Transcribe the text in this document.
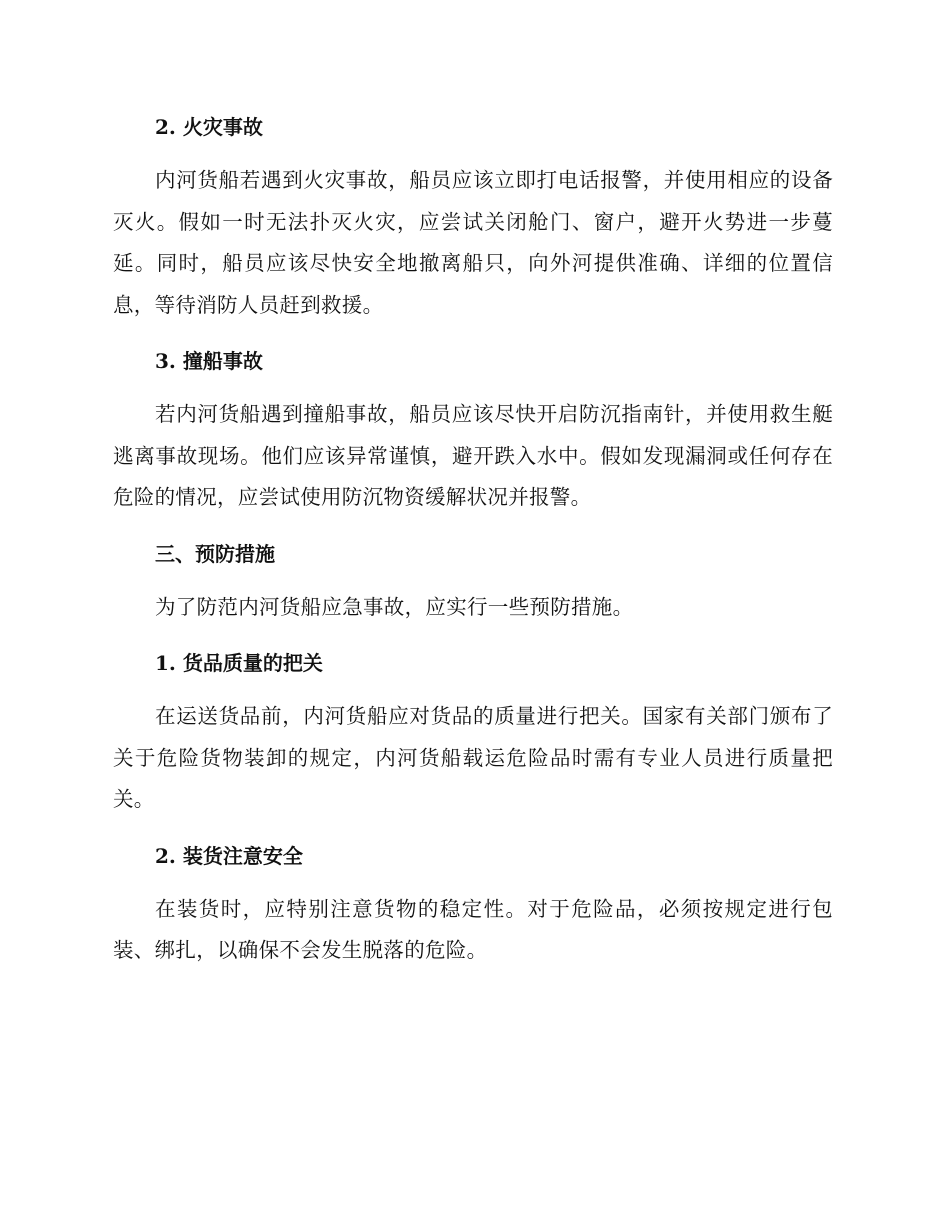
2. 火灾事故

内河货船若遇到火灾事故，船员应该立即打电话报警，并使用相应的设备灭火。假如一时无法扑灭火灾，应尝试关闭舱门、窗户，避开火势进一步蔓延。同时，船员应该尽快安全地撤离船只，向外河提供准确、详细的位置信息，等待消防人员赶到救援。

3. 撞船事故

若内河货船遇到撞船事故，船员应该尽快开启防沉指南针，并使用救生艇逃离事故现场。他们应该异常谨慎，避开跌入水中。假如发现漏洞或任何存在危险的情况，应尝试使用防沉物资缓解状况并报警。

三、预防措施

为了防范内河货船应急事故，应实行一些预防措施。

1. 货品质量的把关

在运送货品前，内河货船应对货品的质量进行把关。国家有关部门颁布了关于危险货物装卸的规定，内河货船载运危险品时需有专业人员进行质量把关。

2. 装货注意安全

在装货时，应特别注意货物的稳定性。对于危险品，必须按规定进行包装、绑扎，以确保不会发生脱落的危险。
